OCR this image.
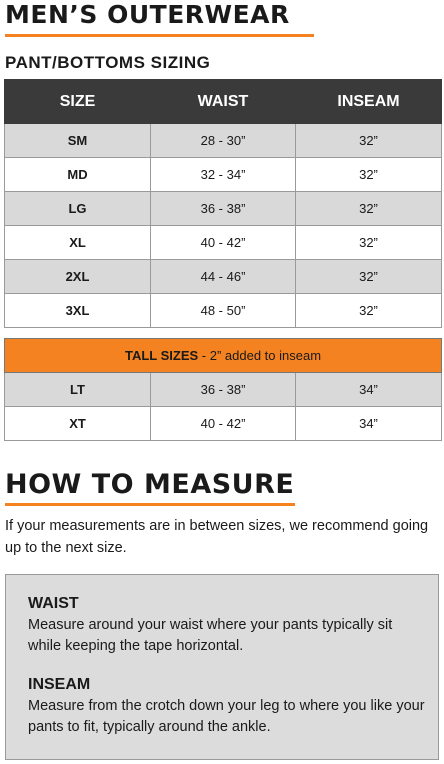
MEN’S OUTERWEAR
PANT/BOTTOMS SIZING
SIZE	WAIST	INSEAM
SM	28 - 30”	32”
MD	32 - 34”	32”
LG	36 - 38”	32”
XL	40 - 42”	32”
2XL	44 - 46”	32”
3XL	48 - 50”	32”

TALL SIZES - 2” added to inseam		
LT	36 - 38”	34”
XT	40 - 42”	34”
HOW TO MEASURE
If your measurements are in between sizes, we recommend going up to the next size.
WAIST
Measure around your waist where your pants typically sit while keeping the tape horizontal.
INSEAM
Measure from the crotch down your leg to where you like your pants to fit, typically around the ankle.
